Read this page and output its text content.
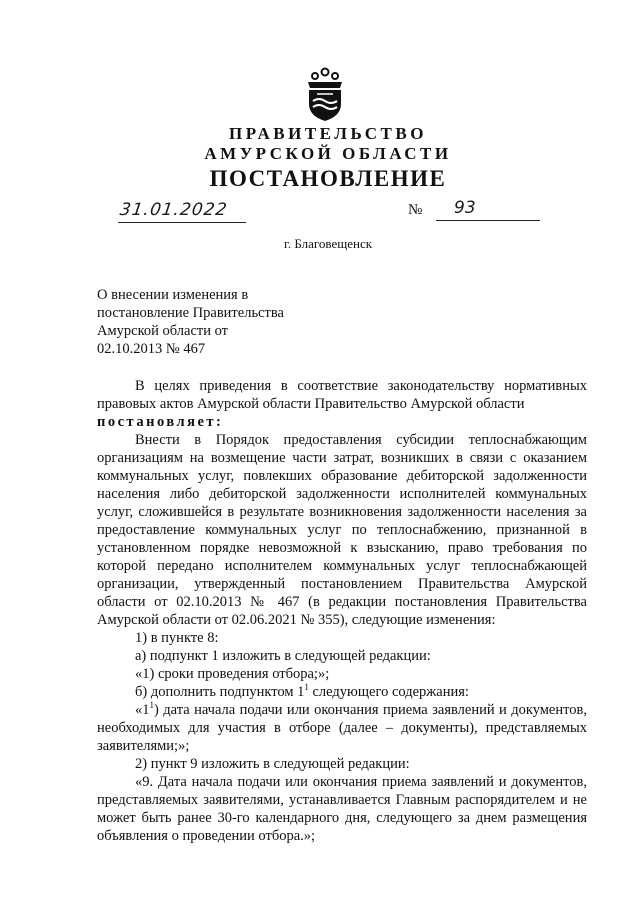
ПРАВИТЕЛЬСТВО
АМУРСКОЙ ОБЛАСТИ
ПОСТАНОВЛЕНИЕ
31.01.2022	№ 93
г. Благовещенск
О внесении изменения в
постановление Правительства
Амурской области от
02.10.2013 № 467

В целях приведения в соответствие законодательству нормативных правовых актов Амурской области Правительство Амурской области

постановляет:

Внести в Порядок предоставления субсидии теплоснабжающим организациям на возмещение части затрат, возникших в связи с оказанием коммунальных услуг, повлекших образование дебиторской задолженности населения либо дебиторской задолженности исполнителей коммунальных услуг, сложившейся в результате возникновения задолженности населения за предоставление коммунальных услуг по теплоснабжению, признанной в установленном порядке невозможной к взысканию, право требования по которой передано исполнителем коммунальных услуг теплоснабжающей организации, утвержденный постановлением Правительства Амурской области от 02.10.2013 № 467 (в редакции постановления Правительства Амурской области от 02.06.2021 № 355), следующие изменения:

1) в пункте 8:

а) подпункт 1 изложить в следующей редакции:

«1) сроки проведения отбора;»;

б) дополнить подпунктом $1^1$ следующего содержания:

«$1^1$) дата начала подачи или окончания приема заявлений и документов, необходимых для участия в отборе (далее – документы), представляемых заявителями;»;

2) пункт 9 изложить в следующей редакции:

«9. Дата начала подачи или окончания приема заявлений и документов, представляемых заявителями, устанавливается Главным распорядителем и не может быть ранее 30-го календарного дня, следующего за днем размещения объявления о проведении отбора.»;
